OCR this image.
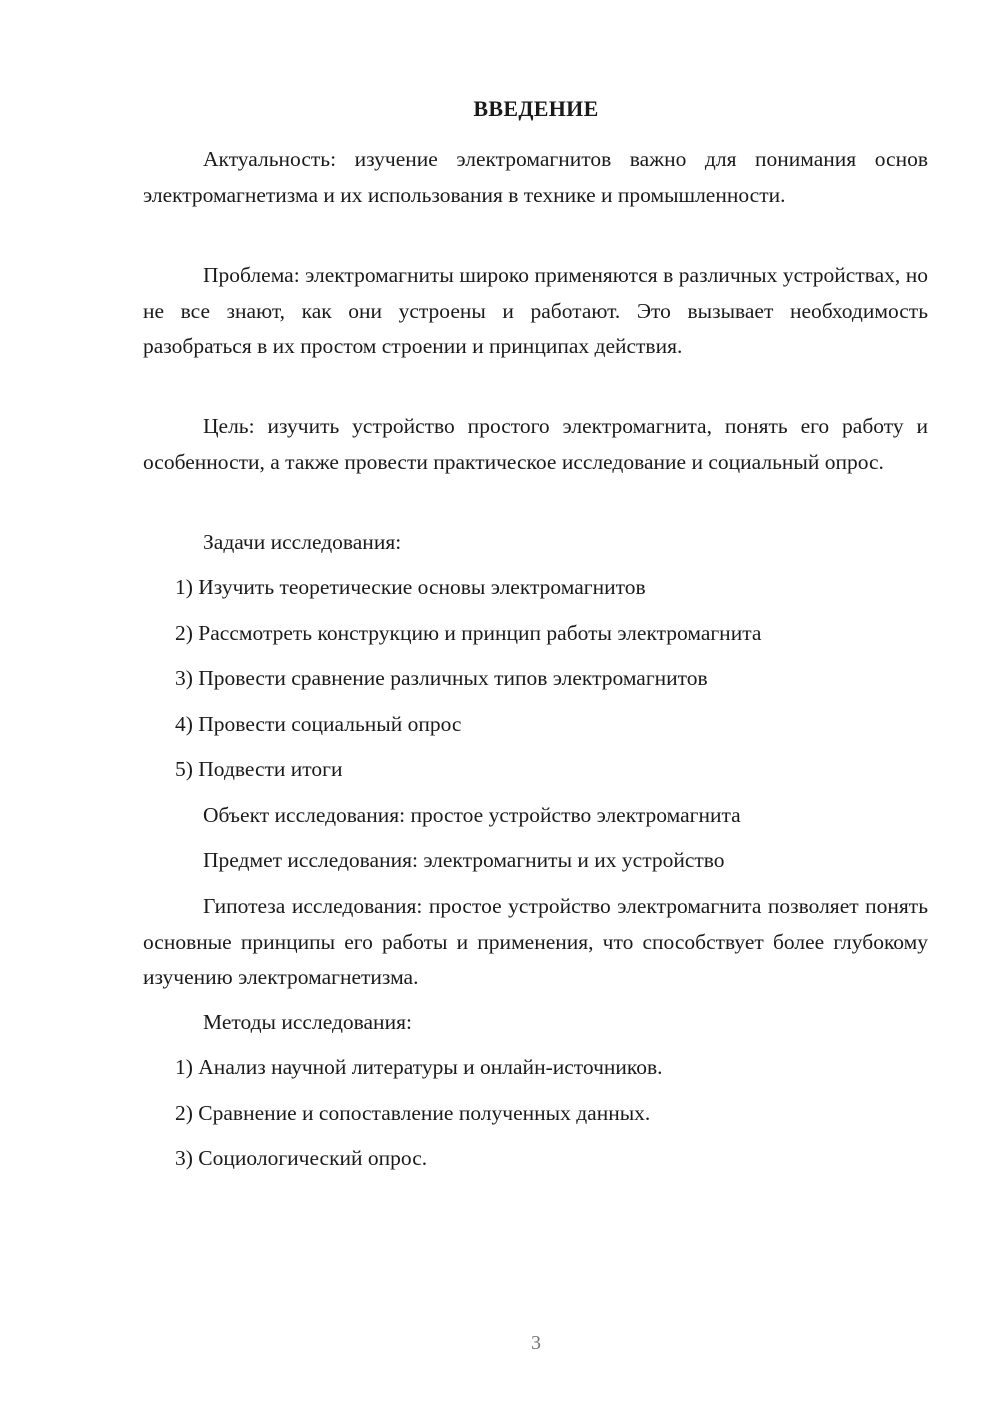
ВВЕДЕНИЕ

Актуальность: изучение электромагнитов важно для понимания основ электромагнетизма и их использования в технике и промышленности.

Проблема: электромагниты широко применяются в различных устройствах, но не все знают, как они устроены и работают. Это вызывает необходимость разобраться в их простом строении и принципах действия.

Цель: изучить устройство простого электромагнита, понять его работу и особенности, а также провести практическое исследование и социальный опрос.

Задачи исследования:

1) Изучить теоретические основы электромагнитов

2) Рассмотреть конструкцию и принцип работы электромагнита

3) Провести сравнение различных типов электромагнитов

4) Провести социальный опрос

5) Подвести итоги

Объект исследования: простое устройство электромагнита

Предмет исследования: электромагниты и их устройство

Гипотеза исследования: простое устройство электромагнита позволяет понять основные принципы его работы и применения, что способствует более глубокому изучению электромагнетизма.

Методы исследования:

1) Анализ научной литературы и онлайн-источников.

2) Сравнение и сопоставление полученных данных.

3) Социологический опрос.

3
